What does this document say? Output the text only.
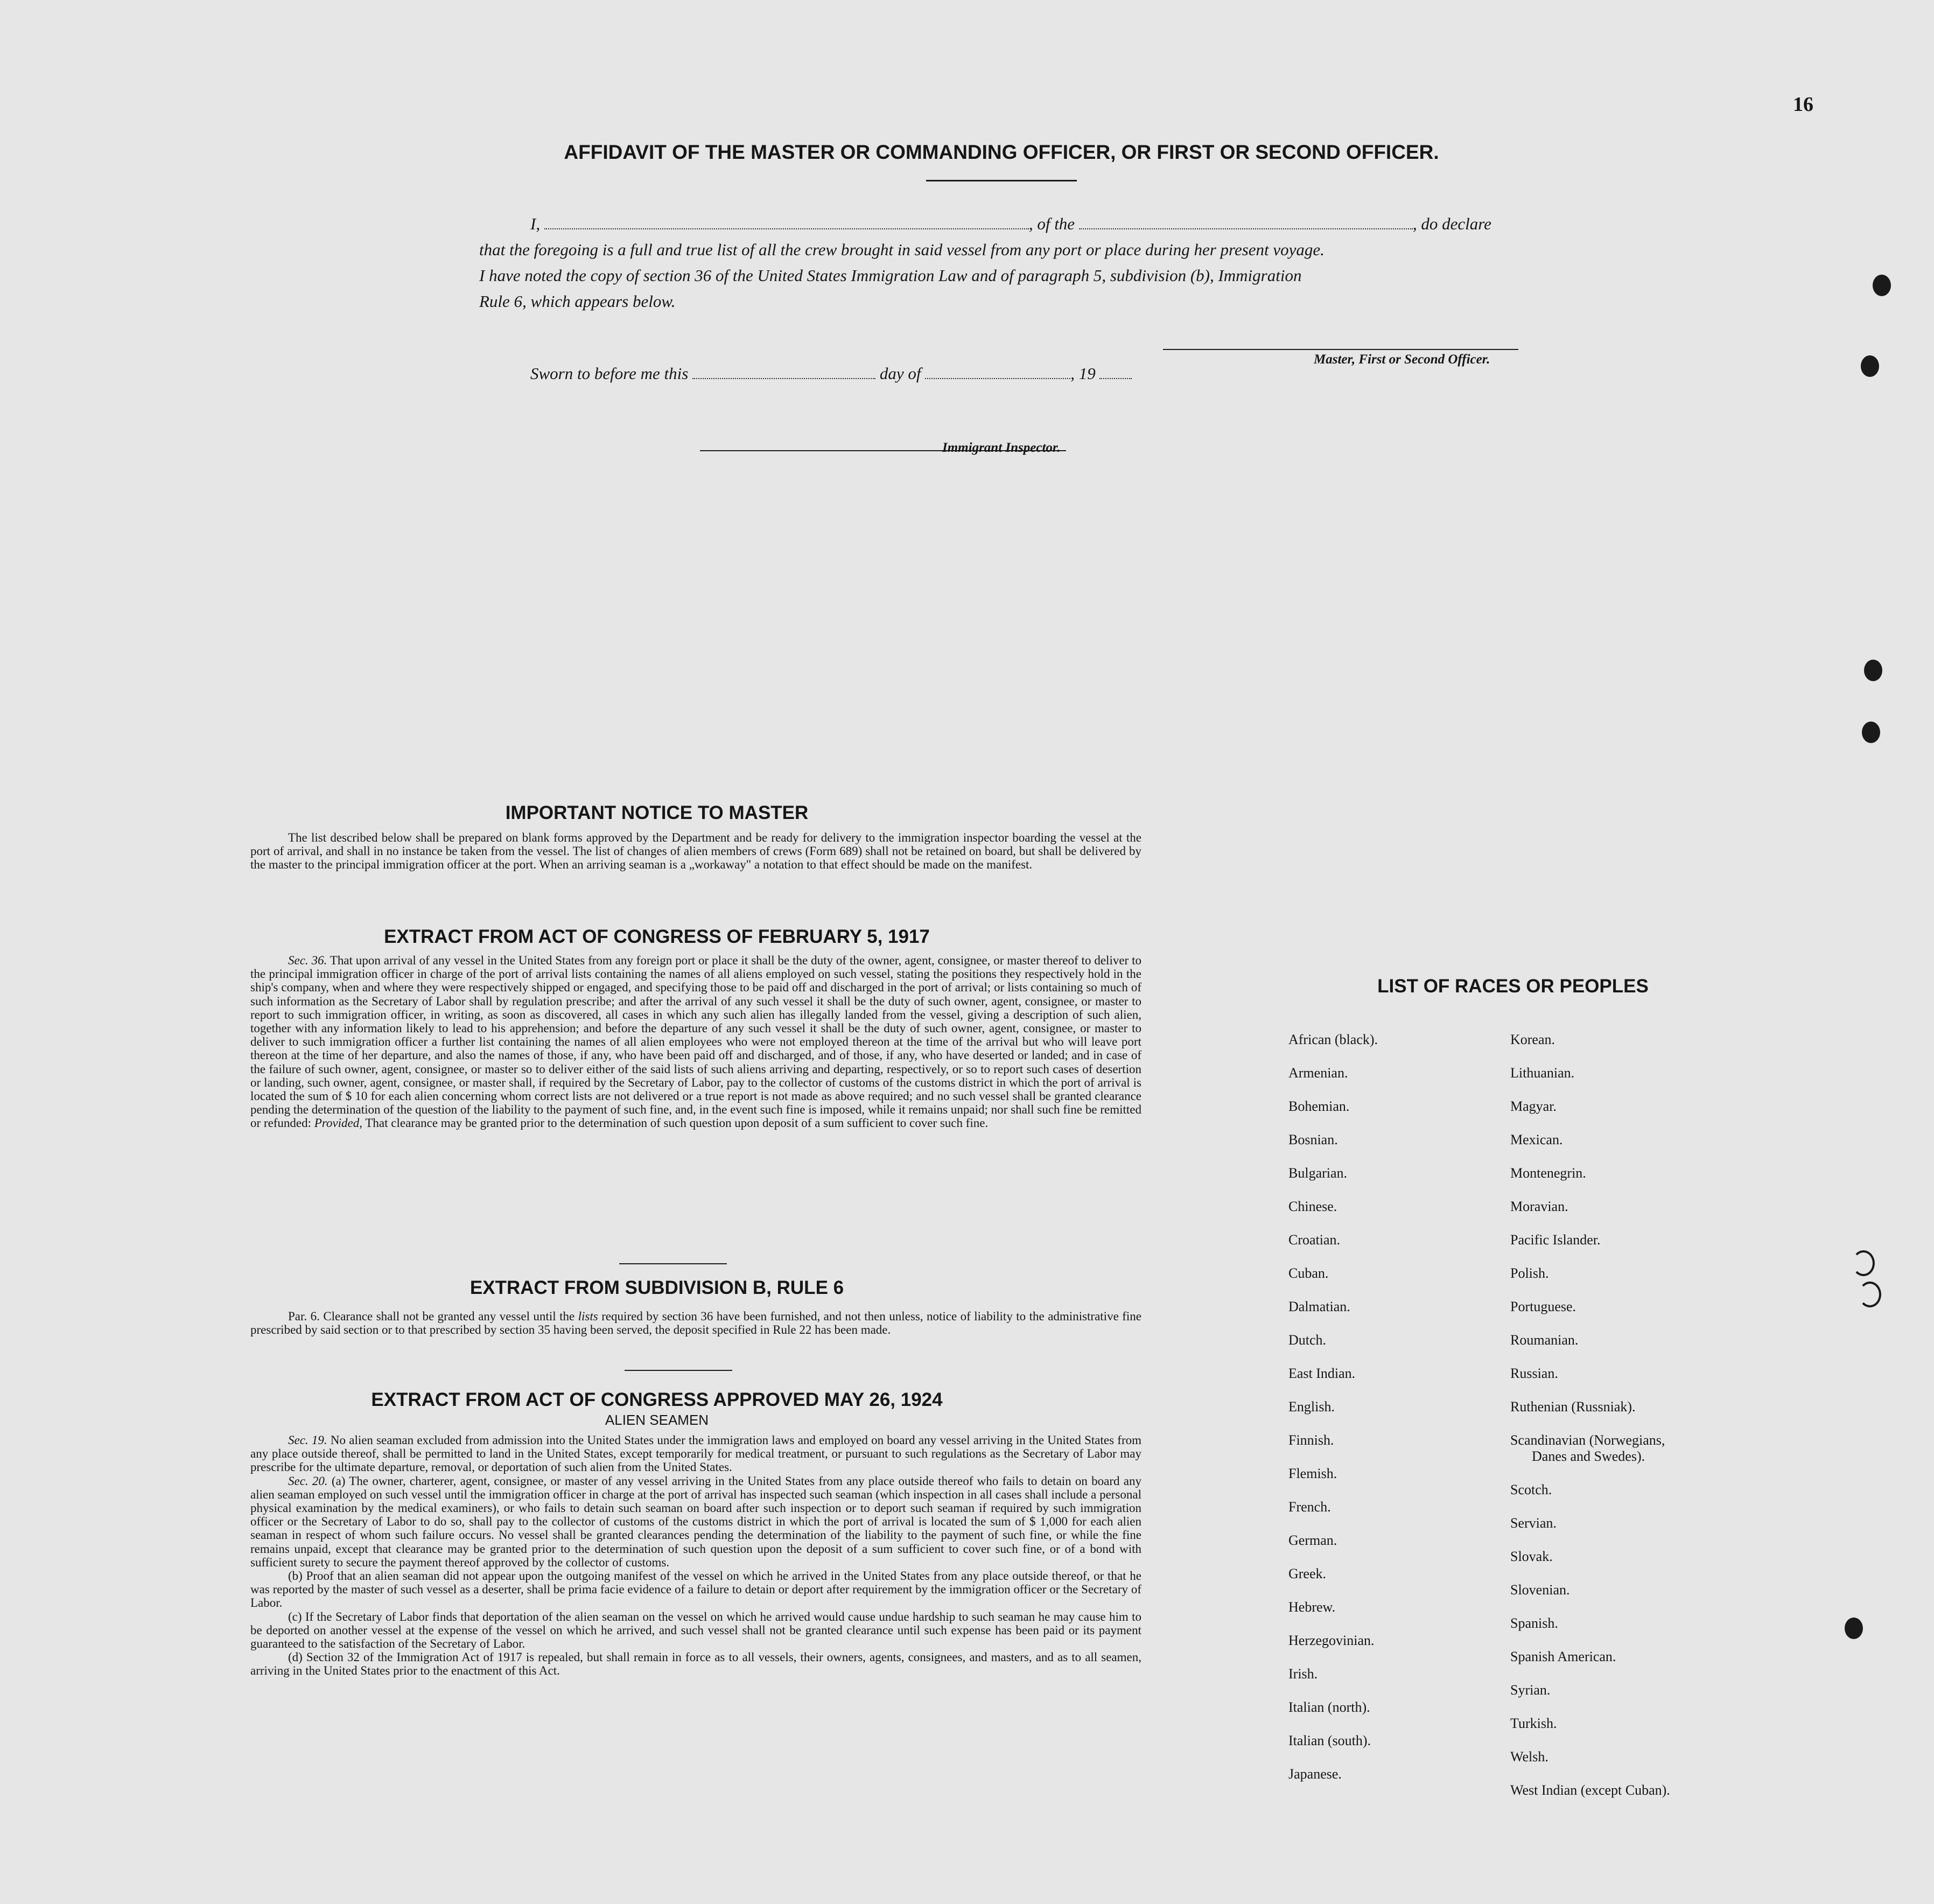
16
AFFIDAVIT OF THE MASTER OR COMMANDING OFFICER, OR FIRST OR SECOND OFFICER.
I,	, of the	, do declare
that the foregoing is a full and true list of all the crew brought in said vessel from any port or place during her present voyage.
I have noted the copy of section 36 of the United States Immigration Law and of paragraph 5, subdivision (b), Immigration
Rule 6, which appears below.
Master, First or Second Officer.
Sworn to before me this	day of	, 19
Immigrant Inspector.
IMPORTANT NOTICE TO MASTER

The list described below shall be prepared on blank forms approved by the Department and be ready for delivery to the immigration inspector boarding the vessel at the port of arrival, and shall in no instance be taken from the vessel. The list of changes of alien members of crews (Form 689) shall not be retained on board, but shall be delivered by the master to the principal immigration officer at the port. When an arriving seaman is a „workaway" a notation to that effect should be made on the manifest.

EXTRACT FROM ACT OF CONGRESS OF FEBRUARY 5, 1917

Sec. 36. That upon arrival of any vessel in the United States from any foreign port or place it shall be the duty of the owner, agent, consignee, or master thereof to deliver to the principal immigration officer in charge of the port of arrival lists containing the names of all aliens employed on such vessel, stating the positions they respectively hold in the ship's company, when and where they were respectively shipped or engaged, and specifying those to be paid off and discharged in the port of arrival; or lists containing so much of such information as the Secretary of Labor shall by regulation prescribe; and after the arrival of any such vessel it shall be the duty of such owner, agent, consignee, or master to report to such immigration officer, in writing, as soon as discovered, all cases in which any such alien has illegally landed from the vessel, giving a description of such alien, together with any information likely to lead to his apprehension; and before the departure of any such vessel it shall be the duty of such owner, agent, consignee, or master to deliver to such immigration officer a further list containing the names of all alien employees who were not employed thereon at the time of the arrival but who will leave port thereon at the time of her departure, and also the names of those, if any, who have been paid off and discharged, and of those, if any, who have deserted or landed; and in case of the failure of such owner, agent, consignee, or master so to deliver either of the said lists of such aliens arriving and departing, respectively, or so to report such cases of desertion or landing, such owner, agent, consignee, or master shall, if required by the Secretary of Labor, pay to the collector of customs of the customs district in which the port of arrival is located the sum of $ 10 for each alien concerning whom correct lists are not delivered or a true report is not made as above required; and no such vessel shall be granted clearance pending the determination of the question of the liability to the payment of such fine, and, in the event such fine is imposed, while it remains unpaid; nor shall such fine be remitted or refunded: Provided, That clearance may be granted prior to the determination of such question upon deposit of a sum sufficient to cover such fine.

EXTRACT FROM SUBDIVISION B, RULE 6

Par. 6. Clearance shall not be granted any vessel until the lists required by section 36 have been furnished, and not then unless, notice of liability to the administrative fine prescribed by said section or to that prescribed by section 35 having been served, the deposit specified in Rule 22 has been made.

EXTRACT FROM ACT OF CONGRESS APPROVED MAY 26, 1924
ALIEN SEAMEN

Sec. 19. No alien seaman excluded from admission into the United States under the immigration laws and employed on board any vessel arriving in the United States from any place outside thereof, shall be permitted to land in the United States, except temporarily for medical treatment, or pursuant to such regulations as the Secretary of Labor may prescribe for the ultimate departure, removal, or deportation of such alien from the United States.

Sec. 20. (a) The owner, charterer, agent, consignee, or master of any vessel arriving in the United States from any place outside thereof who fails to detain on board any alien seaman employed on such vessel until the immigration officer in charge at the port of arrival has inspected such seaman (which inspection in all cases shall include a personal physical examination by the medical examiners), or who fails to detain such seaman on board after such inspection or to deport such seaman if required by such immigration officer or the Secretary of Labor to do so, shall pay to the collector of customs of the customs district in which the port of arrival is located the sum of $ 1,000 for each alien seaman in respect of whom such failure occurs. No vessel shall be granted clearances pending the determination of the liability to the payment of such fine, or while the fine remains unpaid, except that clearance may be granted prior to the determination of such question upon the deposit of a sum sufficient to cover such fine, or of a bond with sufficient surety to secure the payment thereof approved by the collector of customs.

(b) Proof that an alien seaman did not appear upon the outgoing manifest of the vessel on which he arrived in the United States from any place outside thereof, or that he was reported by the master of such vessel as a deserter, shall be prima facie evidence of a failure to detain or deport after requirement by the immigration officer or the Secretary of Labor.

(c) If the Secretary of Labor finds that deportation of the alien seaman on the vessel on which he arrived would cause undue hardship to such seaman he may cause him to be deported on another vessel at the expense of the vessel on which he arrived, and such vessel shall not be granted clearance until such expense has been paid or its payment guaranteed to the satisfaction of the Secretary of Labor.

(d) Section 32 of the Immigration Act of 1917 is repealed, but shall remain in force as to all vessels, their owners, agents, consignees, and masters, and as to all seamen, arriving in the United States prior to the enactment of this Act.

LIST OF RACES OR PEOPLES
African (black).
Armenian.
Bohemian.
Bosnian.
Bulgarian.
Chinese.
Croatian.
Cuban.
Dalmatian.
Dutch.
East Indian.
English.
Finnish.
Flemish.
French.
German.
Greek.
Hebrew.
Herzegovinian.
Irish.
Italian (north).
Italian (south).
Japanese.
Korean.
Lithuanian.
Magyar.
Mexican.
Montenegrin.
Moravian.
Pacific Islander.
Polish.
Portuguese.
Roumanian.
Russian.
Ruthenian (Russniak).
Scandinavian (Norwegians,
Danes and Swedes).
Scotch.
Servian.
Slovak.
Slovenian.
Spanish.
Spanish American.
Syrian.
Turkish.
Welsh.
West Indian (except Cuban).
